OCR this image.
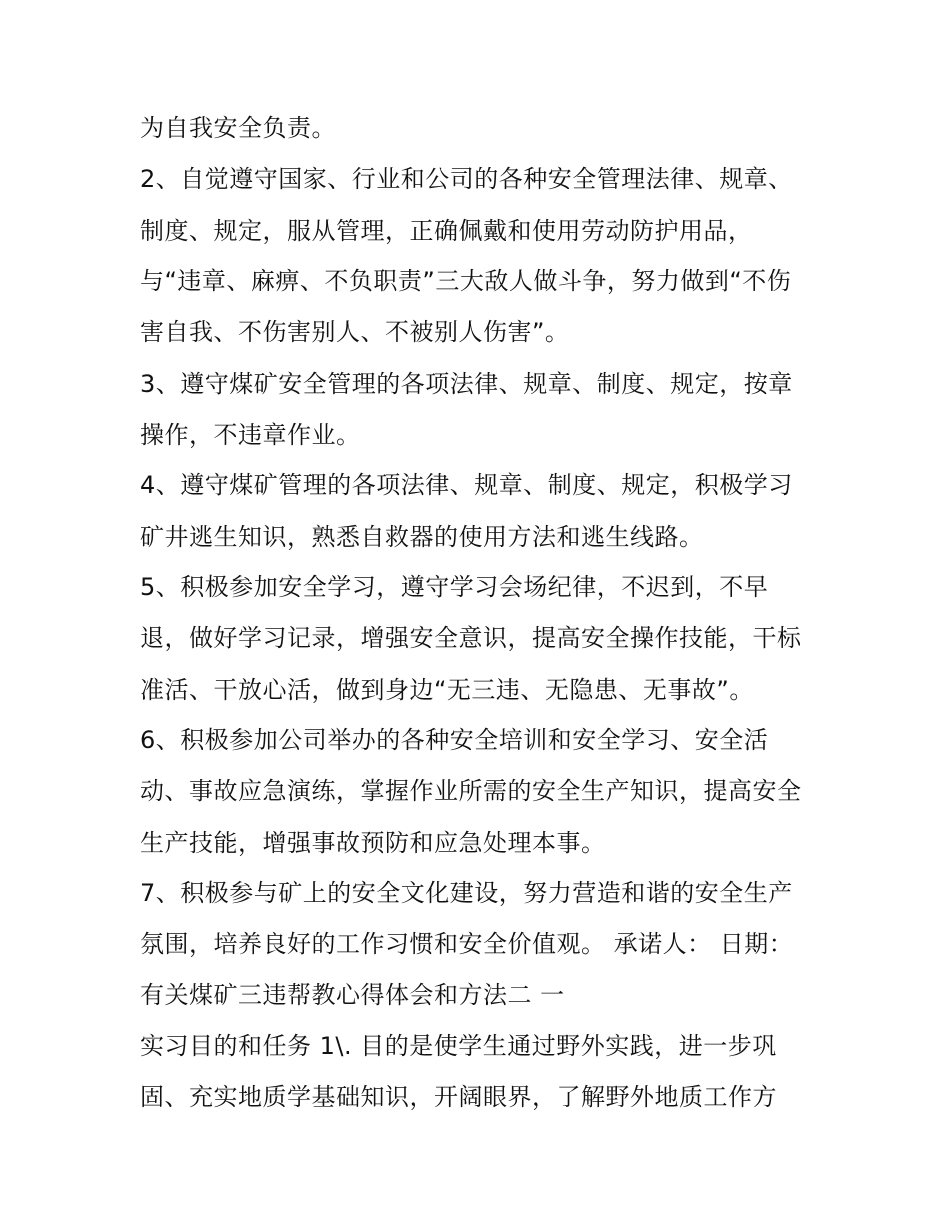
为自我安全负责。
2、自觉遵守国家、行业和公司的各种安全管理法律、规章、
制度、规定，服从管理，正确佩戴和使用劳动防护用品，
与“违章、麻痹、不负职责”三大敌人做斗争，努力做到“不伤
害自我、不伤害别人、不被别人伤害”。
3、遵守煤矿安全管理的各项法律、规章、制度、规定，按章
操作，不违章作业。
4、遵守煤矿管理的各项法律、规章、制度、规定，积极学习
矿井逃生知识，熟悉自救器的使用方法和逃生线路。
5、积极参加安全学习，遵守学习会场纪律，不迟到，不早
退，做好学习记录，增强安全意识，提高安全操作技能，干标
准活、干放心活，做到身边“无三违、无隐患、无事故”。
6、积极参加公司举办的各种安全培训和安全学习、安全活
动、事故应急演练，掌握作业所需的安全生产知识，提高安全
生产技能，增强事故预防和应急处理本事。
7、积极参与矿上的安全文化建设，努力营造和谐的安全生产
氛围，培养良好的工作习惯和安全价值观。 承诺人： 日期：
有关煤矿三违帮教心得体会和方法二 一
实习目的和任务 1\. 目的是使学生通过野外实践，进一步巩
固、充实地质学基础知识，开阔眼界，了解野外地质工作方
